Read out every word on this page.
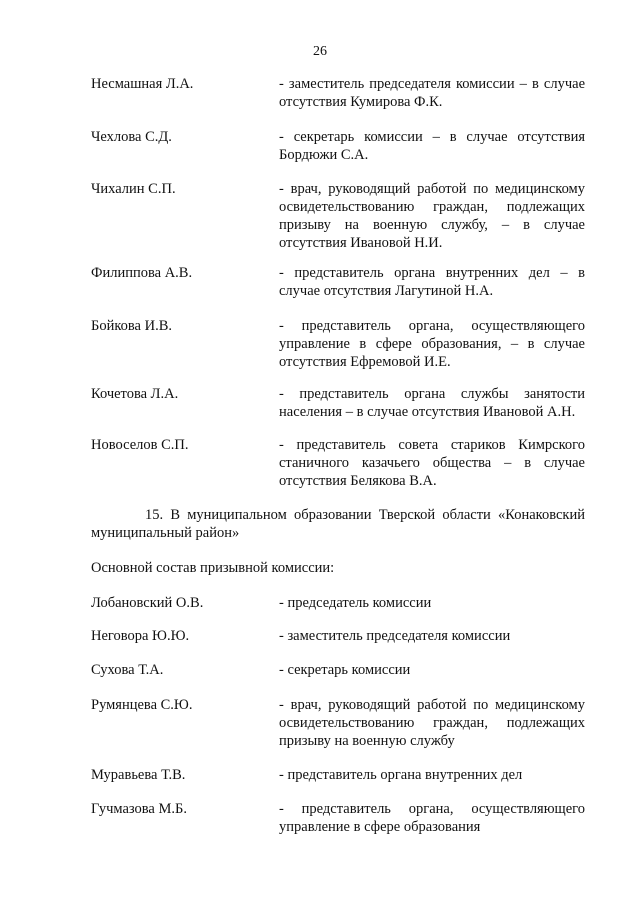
26
Несмашная Л.А.	- заместитель председателя комиссии – в случае отсутствия Кумирова Ф.К.
Чехлова С.Д.	- секретарь комиссии – в случае отсутствия Бордюжи С.А.
Чихалин С.П.	- врач, руководящий работой по медицинскому освидетельствованию граждан, подлежащих призыву на военную службу, – в случае отсутствия Ивановой Н.И.
Филиппова А.В.	- представитель органа внутренних дел – в случае отсутствия Лагутиной Н.А.
Бойкова И.В.	- представитель органа, осуществляющего управление в сфере образования, – в случае отсутствия Ефремовой И.Е.
Кочетова Л.А.	- представитель органа службы занятости населения – в случае отсутствия Ивановой А.Н.
Новоселов С.П.	- представитель совета стариков Кимрского станичного казачьего общества – в случае отсутствия Белякова В.А.
15. В муниципальном образовании Тверской области «Конаковский муниципальный район»
Основной состав призывной комиссии:
Лобановский О.В.	- председатель комиссии
Неговора Ю.Ю.	- заместитель председателя комиссии
Сухова Т.А.	- секретарь комиссии
Румянцева С.Ю.	- врач, руководящий работой по медицинскому освидетельствованию граждан, подлежащих призыву на военную службу
Муравьева Т.В.	- представитель органа внутренних дел
Гучмазова М.Б.	- представитель органа, осуществляющего управление в сфере образования
